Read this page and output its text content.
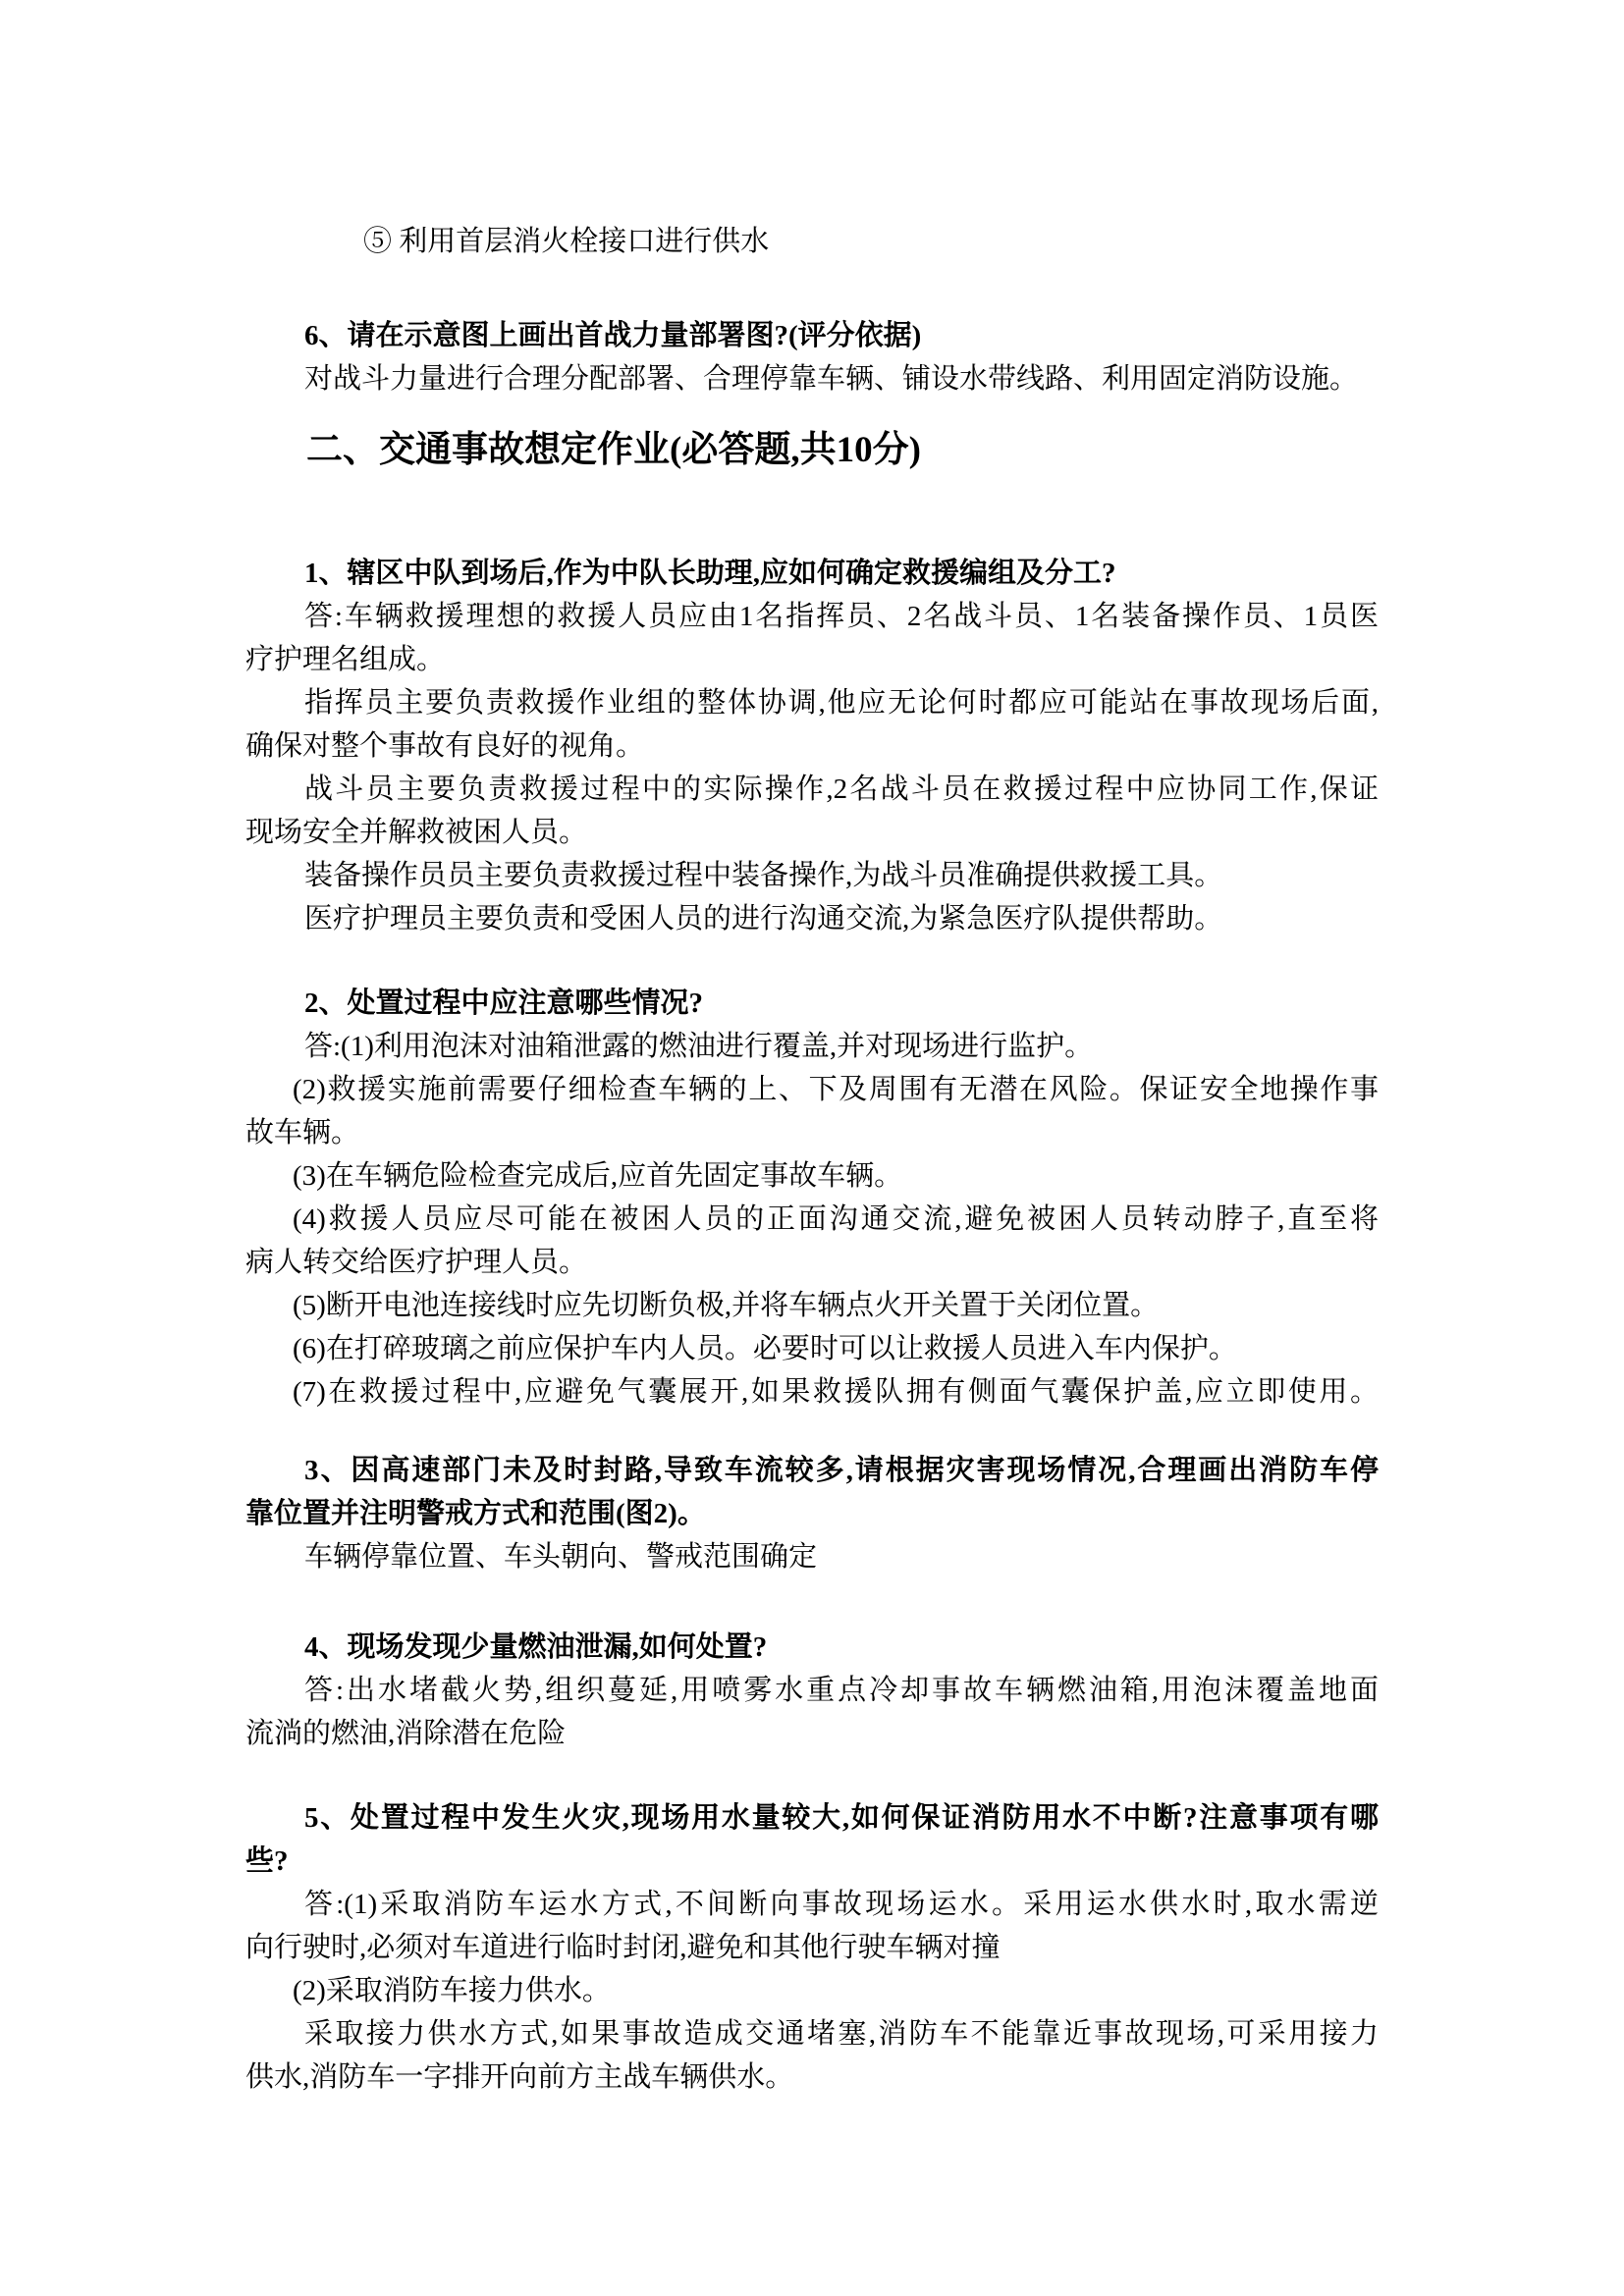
⑤ 利用首层消火栓接口进行供水

6、请在示意图上画出首战力量部署图?(评分依据)

对战斗力量进行合理分配部署、合理停靠车辆、铺设水带线路、利用固定消防设施。

二、交通事故想定作业(必答题,共10分)

1、辖区中队到场后,作为中队长助理,应如何确定救援编组及分工?

答:车辆救援理想的救援人员应由1名指挥员、2名战斗员、1名装备操作员、1员医

疗护理名组成。

指挥员主要负责救援作业组的整体协调,他应无论何时都应可能站在事故现场后面,

确保对整个事故有良好的视角。

战斗员主要负责救援过程中的实际操作,2名战斗员在救援过程中应协同工作,保证

现场安全并解救被困人员。

装备操作员员主要负责救援过程中装备操作,为战斗员准确提供救援工具。

医疗护理员主要负责和受困人员的进行沟通交流,为紧急医疗队提供帮助。

2、处置过程中应注意哪些情况?

答:(1)利用泡沫对油箱泄露的燃油进行覆盖,并对现场进行监护。

(2)救援实施前需要仔细检查车辆的上、下及周围有无潜在风险。保证安全地操作事

故车辆。

(3)在车辆危险检查完成后,应首先固定事故车辆。

(4)救援人员应尽可能在被困人员的正面沟通交流,避免被困人员转动脖子,直至将

病人转交给医疗护理人员。

(5)断开电池连接线时应先切断负极,并将车辆点火开关置于关闭位置。

(6)在打碎玻璃之前应保护车内人员。必要时可以让救援人员进入车内保护。

(7)在救援过程中,应避免气囊展开,如果救援队拥有侧面气囊保护盖,应立即使用。

3、因高速部门未及时封路,导致车流较多,请根据灾害现场情况,合理画出消防车停

靠位置并注明警戒方式和范围(图2)。

车辆停靠位置、车头朝向、警戒范围确定

4、现场发现少量燃油泄漏,如何处置?

答:出水堵截火势,组织蔓延,用喷雾水重点冷却事故车辆燃油箱,用泡沫覆盖地面

流淌的燃油,消除潜在危险

5、处置过程中发生火灾,现场用水量较大,如何保证消防用水不中断?注意事项有哪

些?

答:(1)采取消防车运水方式,不间断向事故现场运水。采用运水供水时,取水需逆

向行驶时,必须对车道进行临时封闭,避免和其他行驶车辆对撞

(2)采取消防车接力供水。

采取接力供水方式,如果事故造成交通堵塞,消防车不能靠近事故现场,可采用接力

供水,消防车一字排开向前方主战车辆供水。
